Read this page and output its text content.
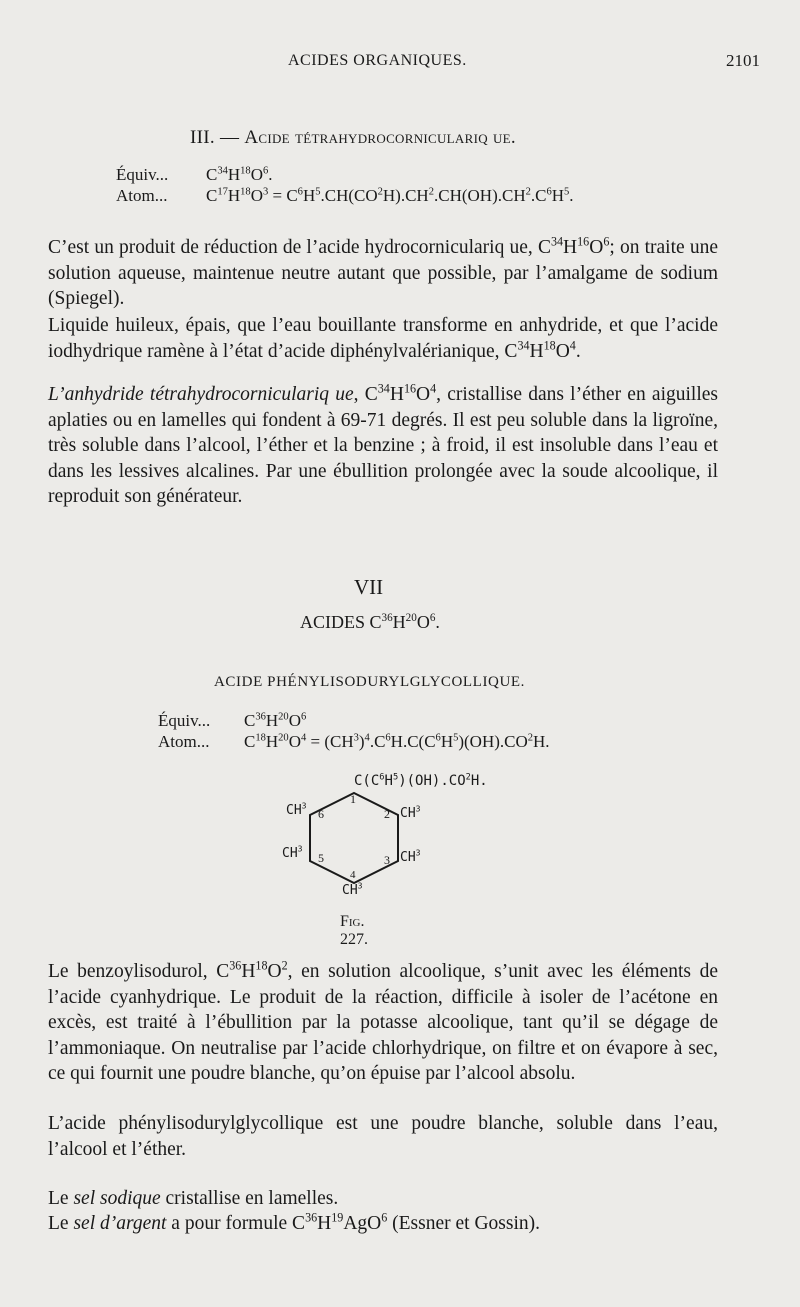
ACIDES ORGANIQUES.	2101
III. — Acide tétrahydrocorniculariq ue.
Équiv... $C^{34}H^{18}O^6$.
Atom... $C^{17}H^{18}O^3 = C^6H^5.CH(CO^2H).CH^2.CH(OH).CH^2.C^6H^5$.

C’est un produit de réduction de l’acide hydrocorniculariq ue, $C^{34}H^{16}O^6$; on traite une solution aqueuse, maintenue neutre autant que possible, par l’amalgame de sodium (Spiegel).

Liquide huileux, épais, que l’eau bouillante transforme en anhydride, et que l’acide iodhydrique ramène à l’état d’acide diphénylvalérianique, $C^{34}H^{18}O^4$.

L’anhydride tétrahydrocorniculariq ue, $C^{34}H^{16}O^4$, cristallise dans l’éther en aiguilles aplaties ou en lamelles qui fondent à 69-71 degrés. Il est peu soluble dans la ligroïne, très soluble dans l’alcool, l’éther et la benzine ; à froid, il est insoluble dans l’eau et dans les lessives alcalines. Par une ébullition prolongée avec la soude alcoolique, il reproduit son générateur.

VII
ACIDES $C^{36}H^{20}O^6$.
ACIDE PHÉNYLISODURYLGLYCOLLIQUE.
Équiv... $C^{36}H^{20}O^6$
Atom... $C^{18}H^{20}O^4 = (CH^3)^4.C^6H.C(C^6H^5)(OH).CO^2H$.
$C(C^6H^5)(OH).CO^2H$.
$CH^3$
$CH^3$
$CH^3$
$CH^3$
$CH^3$
1
2
3
4
5
6
Fig. 227.

Le benzoylisodurol, $C^{36}H^{18}O^2$, en solution alcoolique, s’unit avec les éléments de l’acide cyanhydrique. Le produit de la réaction, difficile à isoler de l’acétone en excès, est traité à l’ébullition par la potasse alcoolique, tant qu’il se dégage de l’ammoniaque. On neutralise par l’acide chlorhydrique, on filtre et on évapore à sec, ce qui fournit une poudre blanche, qu’on épuise par l’alcool absolu.

L’acide phénylisodurylglycollique est une poudre blanche, soluble dans l’eau, l’alcool et l’éther.

Le sel sodique cristallise en lamelles.

Le sel d’argent a pour formule $C^{36}H^{19}AgO^6$ (Essner et Gossin).
